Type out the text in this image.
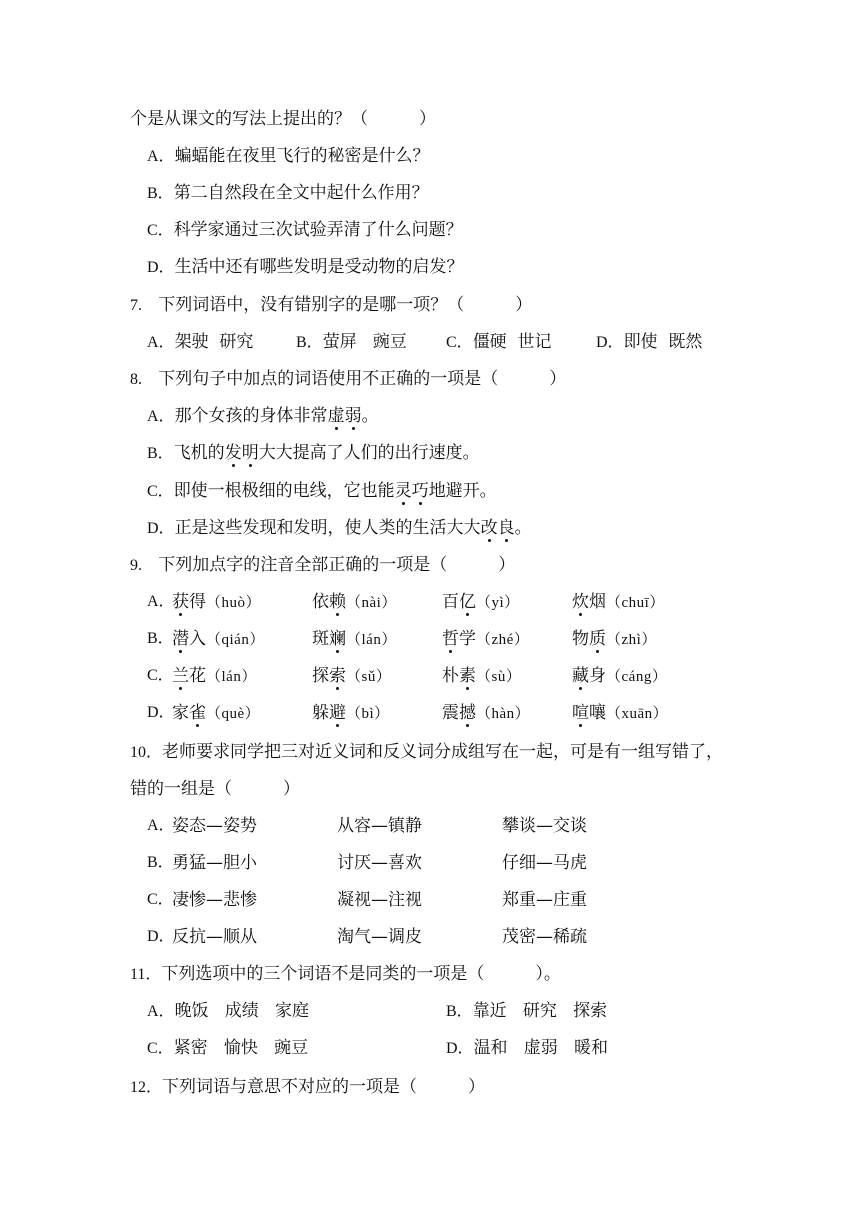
个是从课文的写法上提出的？（　　　）
A．蝙蝠能在夜里飞行的秘密是什么？
B．第二自然段在全文中起什么作用？
C．科学家通过三次试验弄清了什么问题？
D．生活中还有哪些发明是受动物的启发？
7. 下列词语中，没有错别字的是哪一项？（　　　）

A．架驶  研究

	B．萤屏   豌豆

C．僵硬  世记

	D．即使  既然

8. 下列句子中加点的词语使用不正确的一项是（　　　）
A．那个女孩的身体非常虚弱。
B．飞机的发明大大提高了人们的出行速度。
C．即使一根极细的电线，它也能灵巧地避开。
D．正是这些发现和发明，使人类的生活大大改良。
9. 下列加点字的注音全部正确的一项是（　　　）
A．
获得（huò）	依赖（nài）	百亿（yì）	炊烟（chuī）
B．
潜入（qián）	斑斓（lán）	哲学（zhé）	物质（zhì）
C．
兰花（lán）	探索（sǔ）	朴素（sù）	藏身（cáng）
D．
家雀（què）	躲避（bì）	震撼（hàn） 喧嚷（xuān）
10．老师要求同学把三对近义词和反义词分成组写在一起，可是有一组写错了，
错的一组是（　　　）
A．
姿态—姿势	从容—镇静	攀谈—交谈
B．
勇猛—胆小	讨厌—喜欢	仔细—马虎
C．
凄惨—悲惨	凝视—注视	郑重—庄重
D．
反抗—顺从	淘气—调皮	茂密—稀疏
11．下列选项中的三个词语不是同类的一项是（　　　）。

A．晚饭   成绩   家庭

	B．靠近   研究   探索

C．紧密   愉快   豌豆

	D．温和   虚弱   暖和

12．下列词语与意思不对应的一项是（　　　）
